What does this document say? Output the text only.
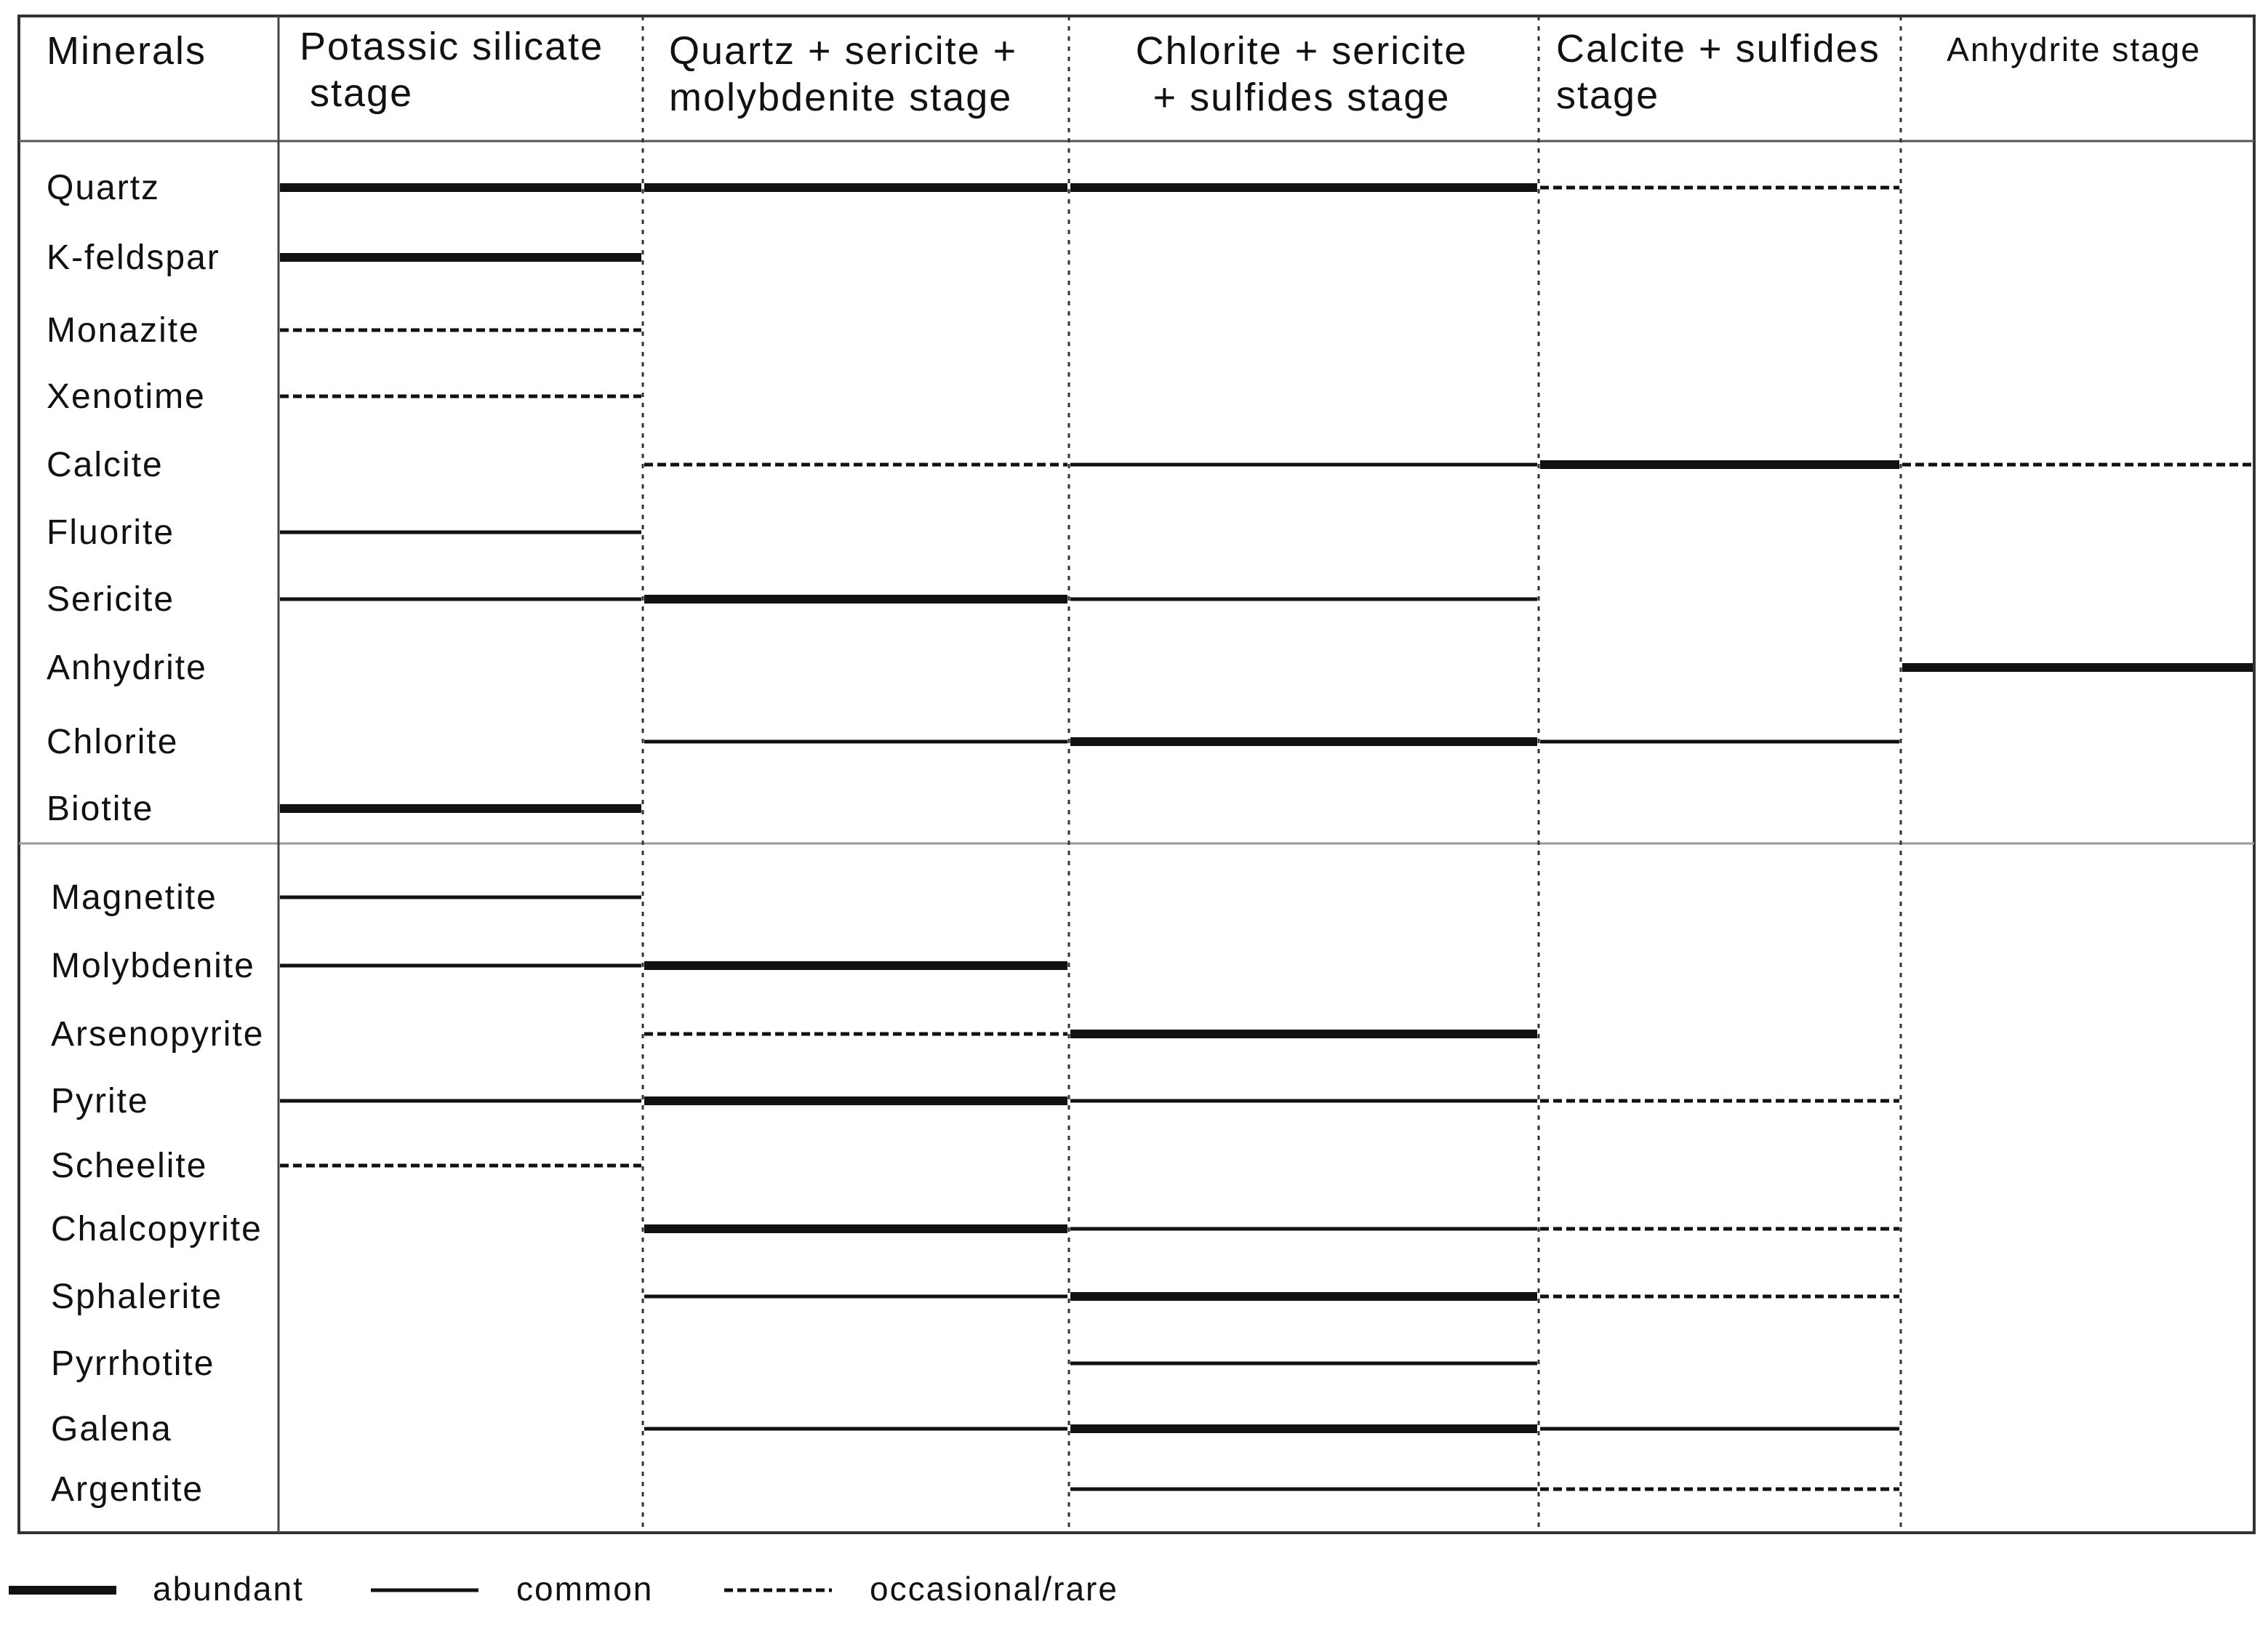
Minerals Potassic silicate
stage
Quartz + sericite +
molybdenite stage
Chlorite + sericite
+ sulfides stage
Calcite + sulfides
stage
Anhydrite stage
Quartz
K-feldspar
Monazite
Xenotime
Calcite
Fluorite
Sericite
Anhydrite
Chlorite
Biotite
Magnetite
Molybdenite
Arsenopyrite
Pyrite
Scheelite
Chalcopyrite
Sphalerite
Pyrrhotite
Galena
Argentite
abundant	common	occasional/rare
